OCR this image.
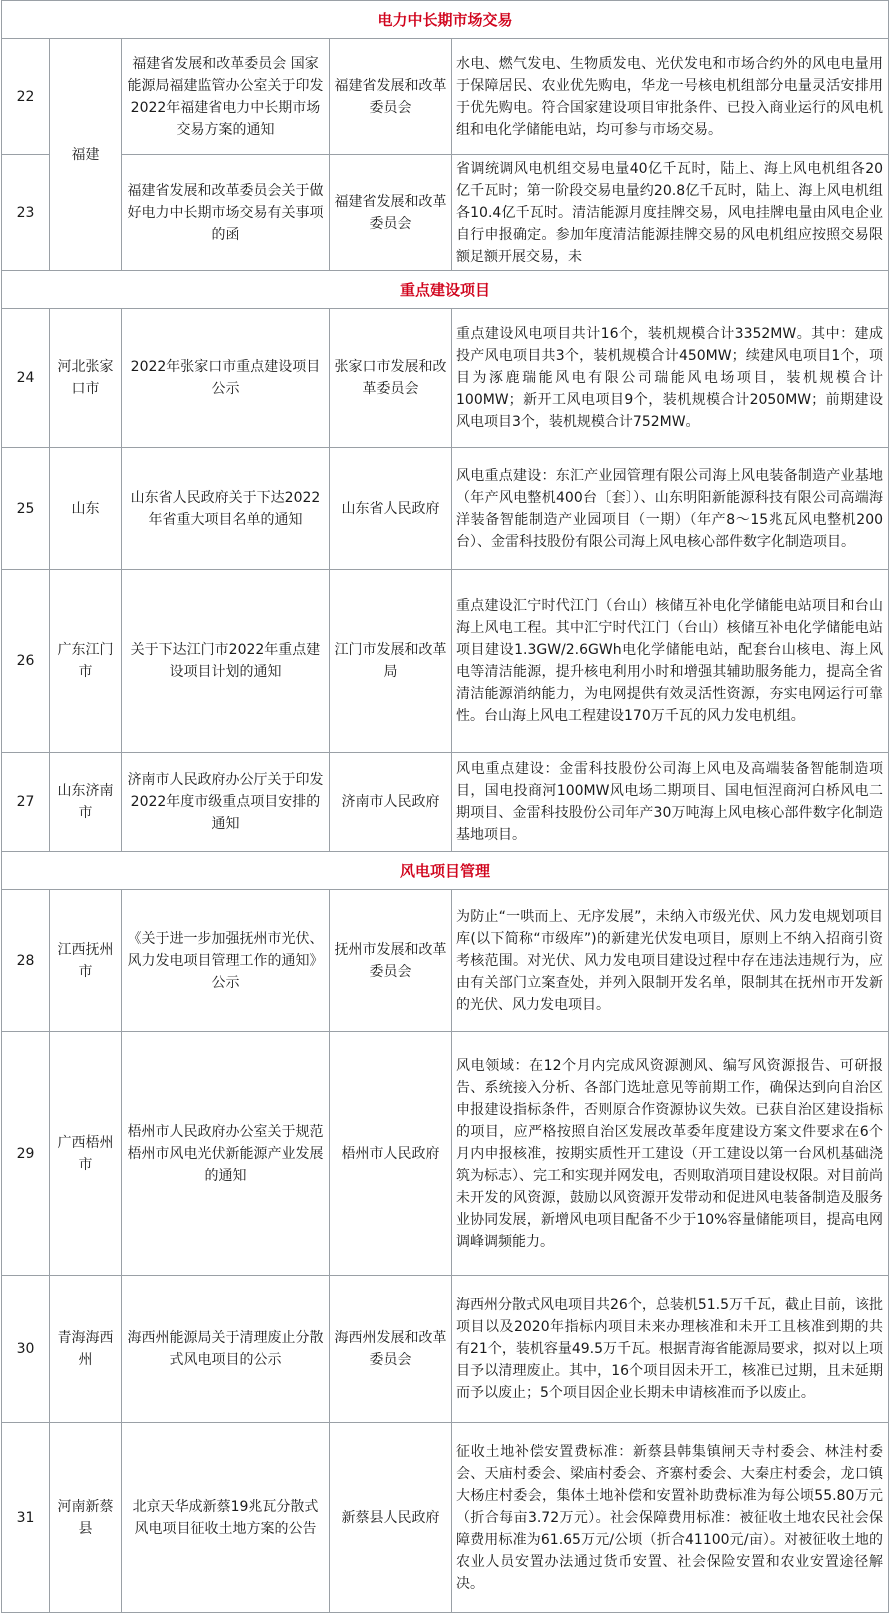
电力中长期市场交易				
22	福建	福建省发展和改革委员会 国家能源局福建监管办公室关于印发2022年福建省电力中长期市场交易方案的通知	福建省发展和改革委员会	水电、燃气发电、生物质发电、光伏发电和市场合约外的风电电量用于保障居民、农业优先购电，华龙一号核电机组部分电量灵活安排用于优先购电。符合国家建设项目审批条件、已投入商业运行的风电机组和电化学储能电站，均可参与市场交易。
23		福建省发展和改革委员会关于做好电力中长期市场交易有关事项的函	福建省发展和改革委员会	省调统调风电机组交易电量40亿千瓦时，陆上、海上风电机组各20亿千瓦时；第一阶段交易电量约20.8亿千瓦时，陆上、海上风电机组各10.4亿千瓦时。清洁能源月度挂牌交易，风电挂牌电量由风电企业自行申报确定。参加年度清洁能源挂牌交易的风电机组应按照交易限额足额开展交易，未
重点建设项目				
24	河北张家口市	2022年张家口市重点建设项目公示	张家口市发展和改革委员会	重点建设风电项目共计16个，装机规模合计3352MW。其中：建成投产风电项目共3个，装机规模合计450MW；续建风电项目1个，项目为涿鹿瑞能风电有限公司瑞能风电场项目，装机规模合计100MW；新开工风电项目9个，装机规模合计2050MW；前期建设风电项目3个，装机规模合计752MW。
25	山东	山东省人民政府关于下达2022年省重大项目名单的通知	山东省人民政府	风电重点建设：东汇产业园管理有限公司海上风电装备制造产业基地（年产风电整机400台〔套〕）、山东明阳新能源科技有限公司高端海洋装备智能制造产业园项目（一期）（年产8～15兆瓦风电整机200台）、金雷科技股份有限公司海上风电核心部件数字化制造项目。
26	广东江门市	关于下达江门市2022年重点建设项目计划的通知	江门市发展和改革局	重点建设汇宁时代江门（台山）核储互补电化学储能电站项目和台山海上风电工程。其中汇宁时代江门（台山）核储互补电化学储能电站项目建设1.3GW/2.6GWh电化学储能电站，配套台山核电、海上风电等清洁能源，提升核电利用小时和增强其辅助服务能力，提高全省清洁能源消纳能力，为电网提供有效灵活性资源，夯实电网运行可靠性。台山海上风电工程建设170万千瓦的风力发电机组。
27	山东济南市	济南市人民政府办公厅关于印发2022年度市级重点项目安排的通知	济南市人民政府	风电重点建设：金雷科技股份公司海上风电及高端装备智能制造项目，国电投商河100MW风电场二期项目、国电恒涅商河白桥风电二期项目、金雷科技股份公司年产30万吨海上风电核心部件数字化制造基地项目。
风电项目管理				
28	江西抚州市	《关于进一步加强抚州市光伏、风力发电项目管理工作的通知》公示	抚州市发展和改革委员会	为防止“一哄而上、无序发展”，未纳入市级光伏、风力发电规划项目库(以下简称“市级库”)的新建光伏发电项目，原则上不纳入招商引资考核范围。对光伏、风力发电项目建设过程中存在违法违规行为，应由有关部门立案查处，并列入限制开发名单，限制其在抚州市开发新的光伏、风力发电项目。
29	广西梧州市	梧州市人民政府办公室关于规范梧州市风电光伏新能源产业发展的通知	梧州市人民政府	风电领域：在12个月内完成风资源测风、编写风资源报告、可研报告、系统接入分析、各部门选址意见等前期工作，确保达到向自治区申报建设指标条件，否则原合作资源协议失效。已获自治区建设指标的项目，应严格按照自治区发展改革委年度建设方案文件要求在6个月内申报核准，按期实质性开工建设（开工建设以第一台风机基础浇筑为标志）、完工和实现并网发电，否则取消项目建设权限。对目前尚未开发的风资源，鼓励以风资源开发带动和促进风电装备制造及服务业协同发展，新增风电项目配备不少于10%容量储能项目，提高电网调峰调频能力。
30	青海海西州	海西州能源局关于清理废止分散式风电项目的公示	海西州发展和改革委员会	海西州分散式风电项目共26个，总装机51.5万千瓦，截止目前，该批项目以及2020年指标内项目未来办理核准和未开工且核准到期的共有21个，装机容量49.5万千瓦。根据青海省能源局要求，拟对以上项目予以清理废止。其中，16个项目因未开工，核准已过期，且未延期而予以废止；5个项目因企业长期未申请核准而予以废止。
31	河南新蔡县	北京天华成新蔡19兆瓦分散式风电项目征收土地方案的公告	新蔡县人民政府	征收土地补偿安置费标准：新蔡县韩集镇闸天寺村委会、林洼村委会、天庙村委会、梁庙村委会、齐寨村委会、大秦庄村委会，龙口镇大杨庄村委会，集体土地补偿和安置补助费标准为每公顷55.80万元（折合每亩3.72万元）。社会保障费用标准：被征收土地农民社会保障费用标准为61.65万元/公顷（折合41100元/亩）。对被征收土地的农业人员安置办法通过货币安置、社会保险安置和农业安置途径解决。
